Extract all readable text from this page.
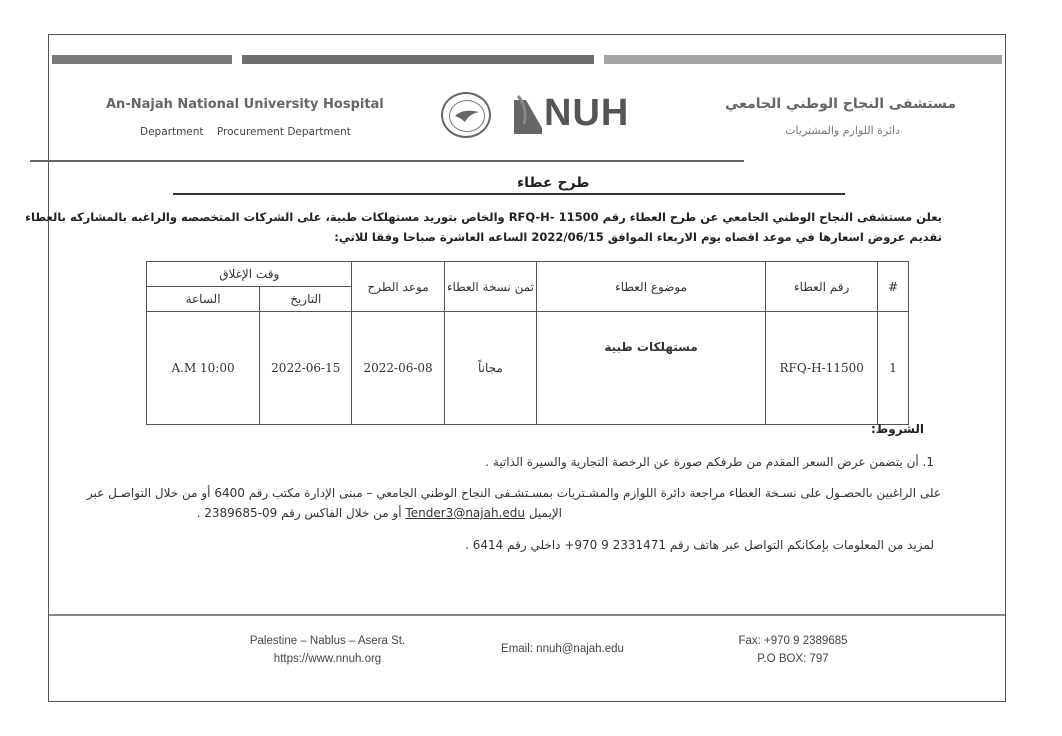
An-Najah National University Hospital
Department Procurement Department	NUH	مستشفى النجاح الوطني الجامعي
دائرة اللوازم والمشتريات
طرح عطاء
يعلن مستشفى النجاح الوطني الجامعي عن طرح العطاء رقم RFQ-H- 11500 والخاص بتوريد مستهلكات طبية، على الشركات المتخصصه والراغبه بالمشاركه بالعطاء
تقديم عروض اسعارها في موعد اقصاه يوم الاربعاء الموافق 2022/06/15 الساعه العاشرة صباحا وفقا للاتي:
#	رقم العطاء	موضوع العطاء	ثمن نسخة العطاء	موعد الطرح	وقت الإغلاق	
					التاريخ	الساعة
1	RFQ-H-11500	مستهلكات طبية	مجاناً	2022-06-08	2022-06-15	A.M 10:00
الشروط:
1. أن يتضمن عرض السعر المقدم من طرفكم صورة عن الرخصة التجارية والسيرة الذاتية .
على الراغبين بالحصـول على نسـخة العطاء مراجعة دائرة اللوازم والمشـتريات بمسـتشـفى النجاح الوطني الجامعي – مبنى الإدارة مكتب رقم 6400 أو من خلال التواصـل عبر
الإيميل Tender3@najah.edu أو من خلال الفاكس رقم 09-2389685 .
لمزيد من المعلومات بإمكانكم التواصل عبر هاتف رقم 2331471 9 970+ داخلي رقم 6414 .
Palestine – Nablus – Asera St.
https://www.nnuh.org
Email: nnuh@najah.edu
Fax: +970 9 2389685
P.O BOX: 797
